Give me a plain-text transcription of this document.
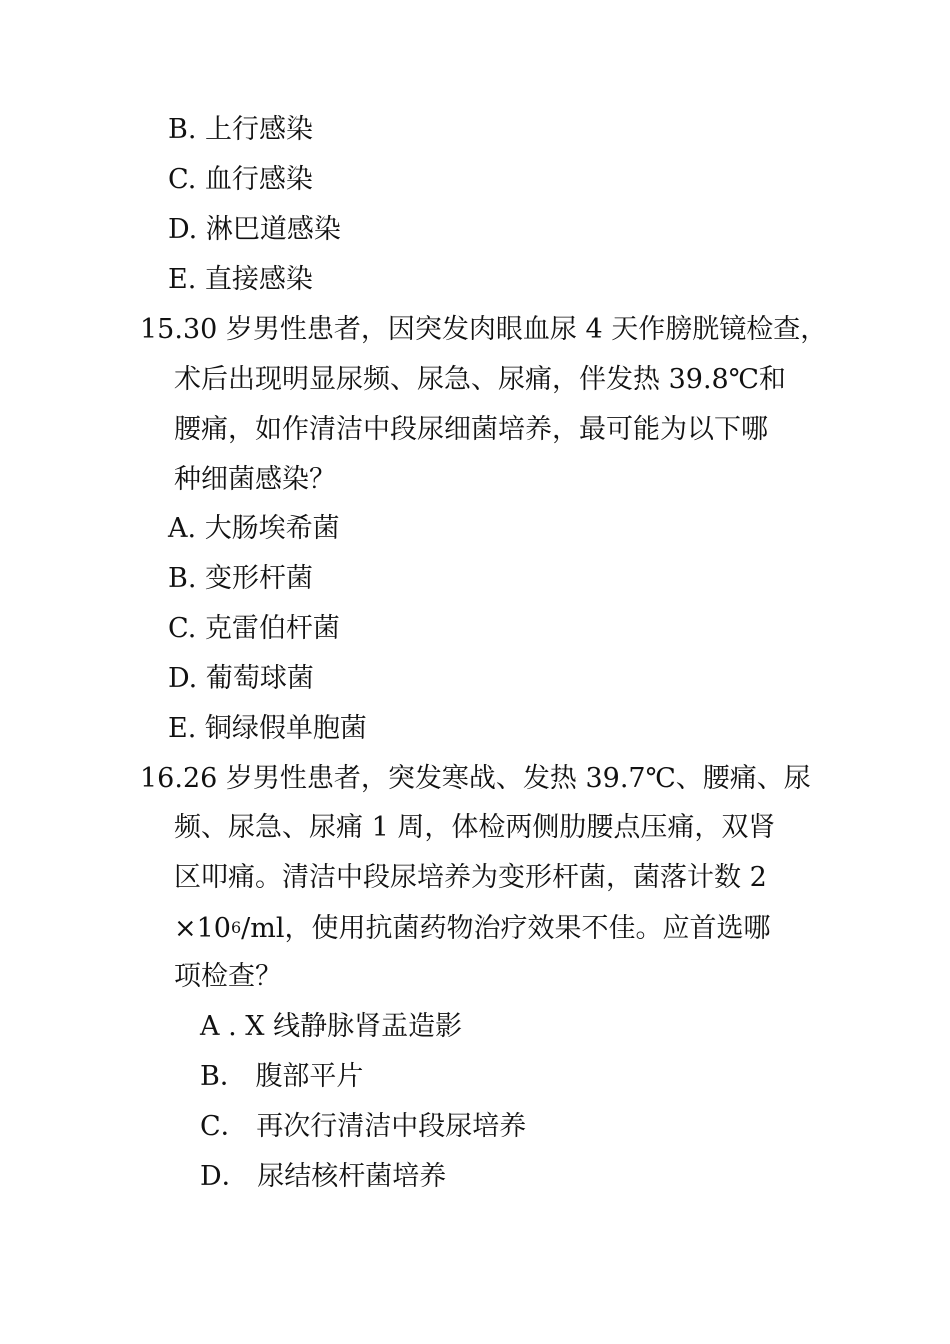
B. 上行感染
C. 血行感染
D. 淋巴道感染
E. 直接感染
15.30 岁男性患者，因突发肉眼血尿 4 天作膀胱镜检查，
术后出现明显尿频、尿急、尿痛，伴发热 39.8℃和
腰痛，如作清洁中段尿细菌培养，最可能为以下哪
种细菌感染？
A. 大肠埃希菌
B. 变形杆菌
C. 克雷伯杆菌
D. 葡萄球菌
E. 铜绿假单胞菌
16.26 岁男性患者，突发寒战、发热 39.7℃、腰痛、尿
频、尿急、尿痛 1 周，体检两侧肋腰点压痛，双肾
区叩痛。清洁中段尿培养为变形杆菌，菌落计数 2
$\times 10_6/ml$，使用抗菌药物治疗效果不佳。应首选哪
项检查？
A . X 线静脉肾盂造影
B． 腹部平片
C． 再次行清洁中段尿培养
D． 尿结核杆菌培养
